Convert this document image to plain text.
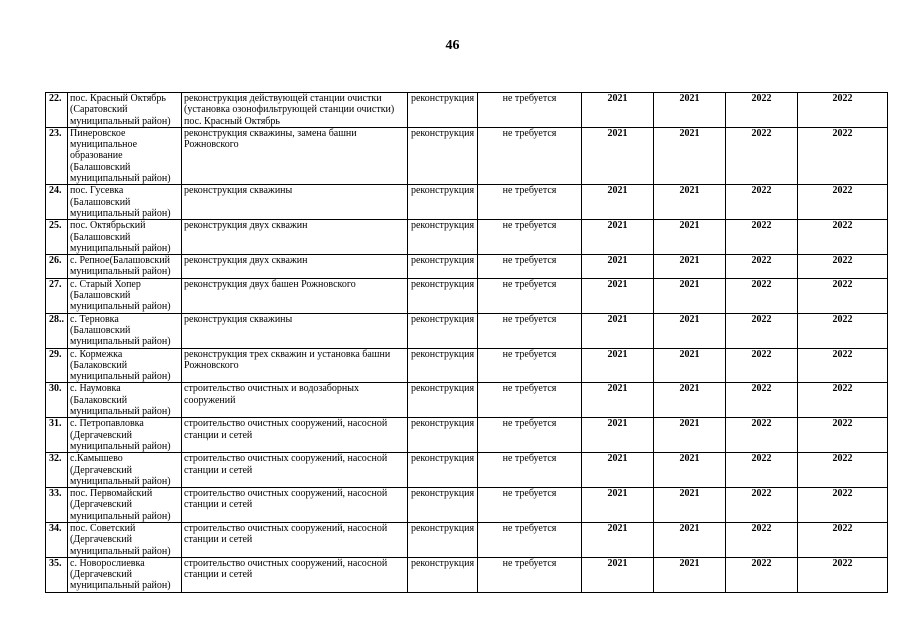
46
22.	пос. Красный Октябрь (Саратовский муниципальный район)	реконструкция действующей станции очистки (установка озонофильтрующей станции очистки) пос. Красный Октябрь	реконструкция	не требуется	2021	2021	2022	2022
23.	Пинеровское муниципальное образование (Балашовский муниципальный район)	реконструкция скважины, замена башни Рожновского	реконструкция	не требуется	2021	2021	2022	2022
24.	пос. Гусевка (Балашовский муниципальный район)	реконструкция скважины	реконструкция	не требуется	2021	2021	2022	2022
25.	пос. Октябрьский (Балашовский муниципальный район)	реконструкция двух скважин	реконструкция	не требуется	2021	2021	2022	2022
26.	с. Репное(Балашовский муниципальный район)	реконструкция двух скважин	реконструкция	не требуется	2021	2021	2022	2022
27.	с. Старый Хопер (Балашовский муниципальный район)	реконструкция двух башен Рожновского	реконструкция	не требуется	2021	2021	2022	2022
28..	с. Терновка (Балашовский муниципальный район)	реконструкция скважины	реконструкция	не требуется	2021	2021	2022	2022
29.	с. Кормежка (Балаковский муниципальный район)	реконструкция трех скважин и установка башни Рожновского	реконструкция	не требуется	2021	2021	2022	2022
30.	с. Наумовка (Балаковский муниципальный район)	строительство очистных и водозаборных сооружений	реконструкция	не требуется	2021	2021	2022	2022
31.	с. Петропавловка (Дергачевский муниципальный район)	строительство очистных сооружений, насосной станции и сетей	реконструкция	не требуется	2021	2021	2022	2022
32.	с.Камышево (Дергачевский муниципальный район)	строительство очистных сооружений, насосной станции и сетей	реконструкция	не требуется	2021	2021	2022	2022
33.	пос. Первомайский (Дергачевский муниципальный район)	строительство очистных сооружений, насосной станции и сетей	реконструкция	не требуется	2021	2021	2022	2022
34.	пос. Советский (Дергачевский муниципальный район)	строительство очистных сооружений, насосной станции и сетей	реконструкция	не требуется	2021	2021	2022	2022
35.	с. Новорослиевка (Дергачевский муниципальный район)	строительство очистных сооружений, насосной станции и сетей	реконструкция	не требуется	2021	2021	2022	2022
